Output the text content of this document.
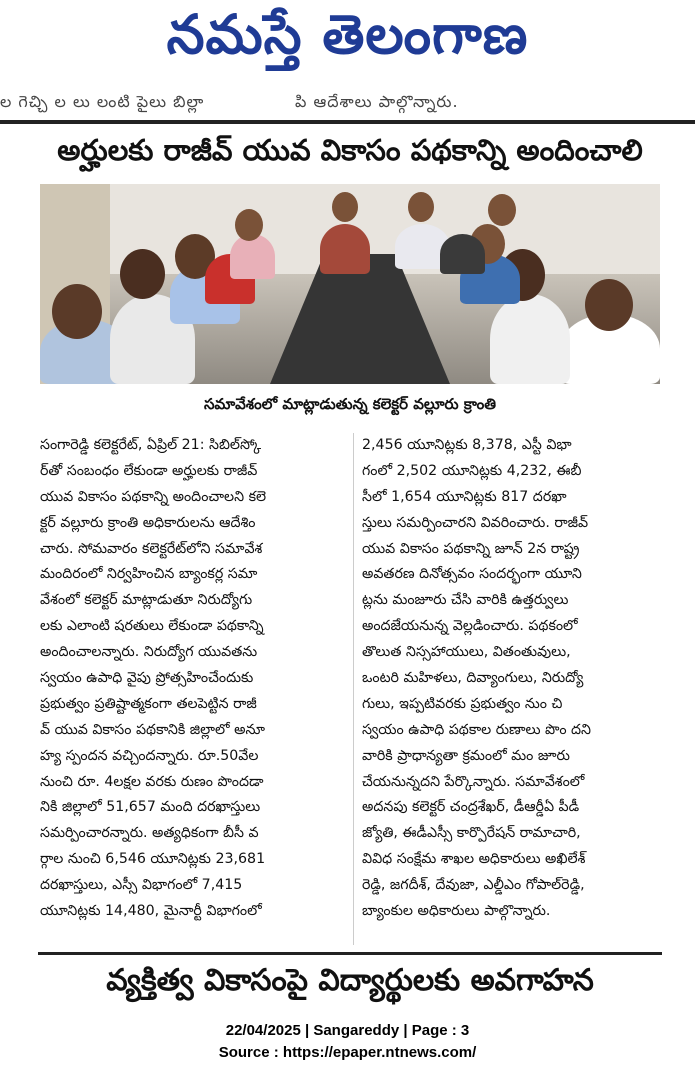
నమస్తే తెలంగాణ
ల గెచ్చి ల లు లంటి పైలు బిల్లా	పి ఆదేశాలు పాల్గొన్నారు.
అర్హులకు రాజీవ్ యువ వికాసం పథకాన్ని అందించాలి
సమావేశంలో మాట్లాడుతున్న కలెక్టర్ వల్లూరు క్రాంతి
సంగారెడ్డి కలెక్టరేట్, ఏప్రిల్ 21: సిబిల్‌స్కో
ర్‌తో సంబంధం లేకుండా అర్హులకు రాజీవ్
యువ వికాసం పథకాన్ని అందించాలని కలె
క్టర్ వల్లూరు క్రాంతి అధికారులను ఆదేశిం
చారు. సోమవారం కలెక్టరేట్‌లోని సమావేశ
మందిరంలో నిర్వహించిన బ్యాంకర్ల సమా
వేశంలో కలెక్టర్ మాట్లాడుతూ నిరుద్యోగు
లకు ఎలాంటి షరతులు లేకుండా పథకాన్ని
అందించాలన్నారు. నిరుద్యోగ యువతను
స్వయం ఉపాధి వైపు ప్రోత్సహించేందుకు
ప్రభుత్వం ప్రతిష్టాత్మకంగా తలపెట్టిన రాజీ
వ్ యువ వికాసం పథకానికి జిల్లాలో అనూ
హ్య స్పందన వచ్చిందన్నారు. రూ.50వేల
నుంచి రూ. 4లక్షల వరకు రుణం పొందడా
నికి జిల్లాలో 51,657 మంది దరఖాస్తులు
సమర్పించారన్నారు. అత్యధికంగా బీసీ వ
ర్గాల నుంచి 6,546 యూనిట్లకు 23,681
దరఖాస్తులు, ఎస్సీ విభాగంలో 7,415
యూనిట్లకు 14,480, మైనార్టీ విభాగంలో
2,456 యూనిట్లకు 8,378, ఎస్టీ విభా
గంలో 2,502 యూనిట్లకు 4,232, ఈబీ
సీలో 1,654 యూనిట్లకు 817 దరఖా
స్తులు సమర్పించారని వివరించారు. రాజీవ్
యువ వికాసం పథకాన్ని జూన్ 2న రాష్ట్ర
అవతరణ దినోత్సవం సందర్భంగా యూని
ట్లను మంజూరు చేసి వారికి ఉత్తర్వులు
అందజేయనున్న వెల్లడించారు. పథకంలో
తొలుత నిస్సహాయులు, వితంతువులు,
ఒంటరి మహిళలు, దివ్యాంగులు, నిరుద్యో
గులు, ఇప్పటివరకు ప్రభుత్వం నుం చి
స్వయం ఉపాధి పథకాల రుణాలు పొం దని
వారికి ప్రాధాన్యతా క్రమంలో మం జూరు
చేయనున్నదని పేర్కొన్నారు. సమావేశంలో
అదనపు కలెక్టర్ చంద్రశేఖర్, డీఆర్డీఏ పీడీ
జ్యోతి, ఈడీఎస్సీ కార్పొరేషన్ రామాచారి,
వివిధ సంక్షేమ శాఖల అధికారులు అఖిలేశ్
రెడ్డి, జగదీశ్, దేవుజా, ఎల్డీఎం గోపాల్‌రెడ్డి,
బ్యాంకుల అధికారులు పాల్గొన్నారు.
వ్యక్తిత్వ వికాసంపై విద్యార్థులకు అవగాహన
22/04/2025 | Sangareddy | Page : 3
Source : https://epaper.ntnews.com/
